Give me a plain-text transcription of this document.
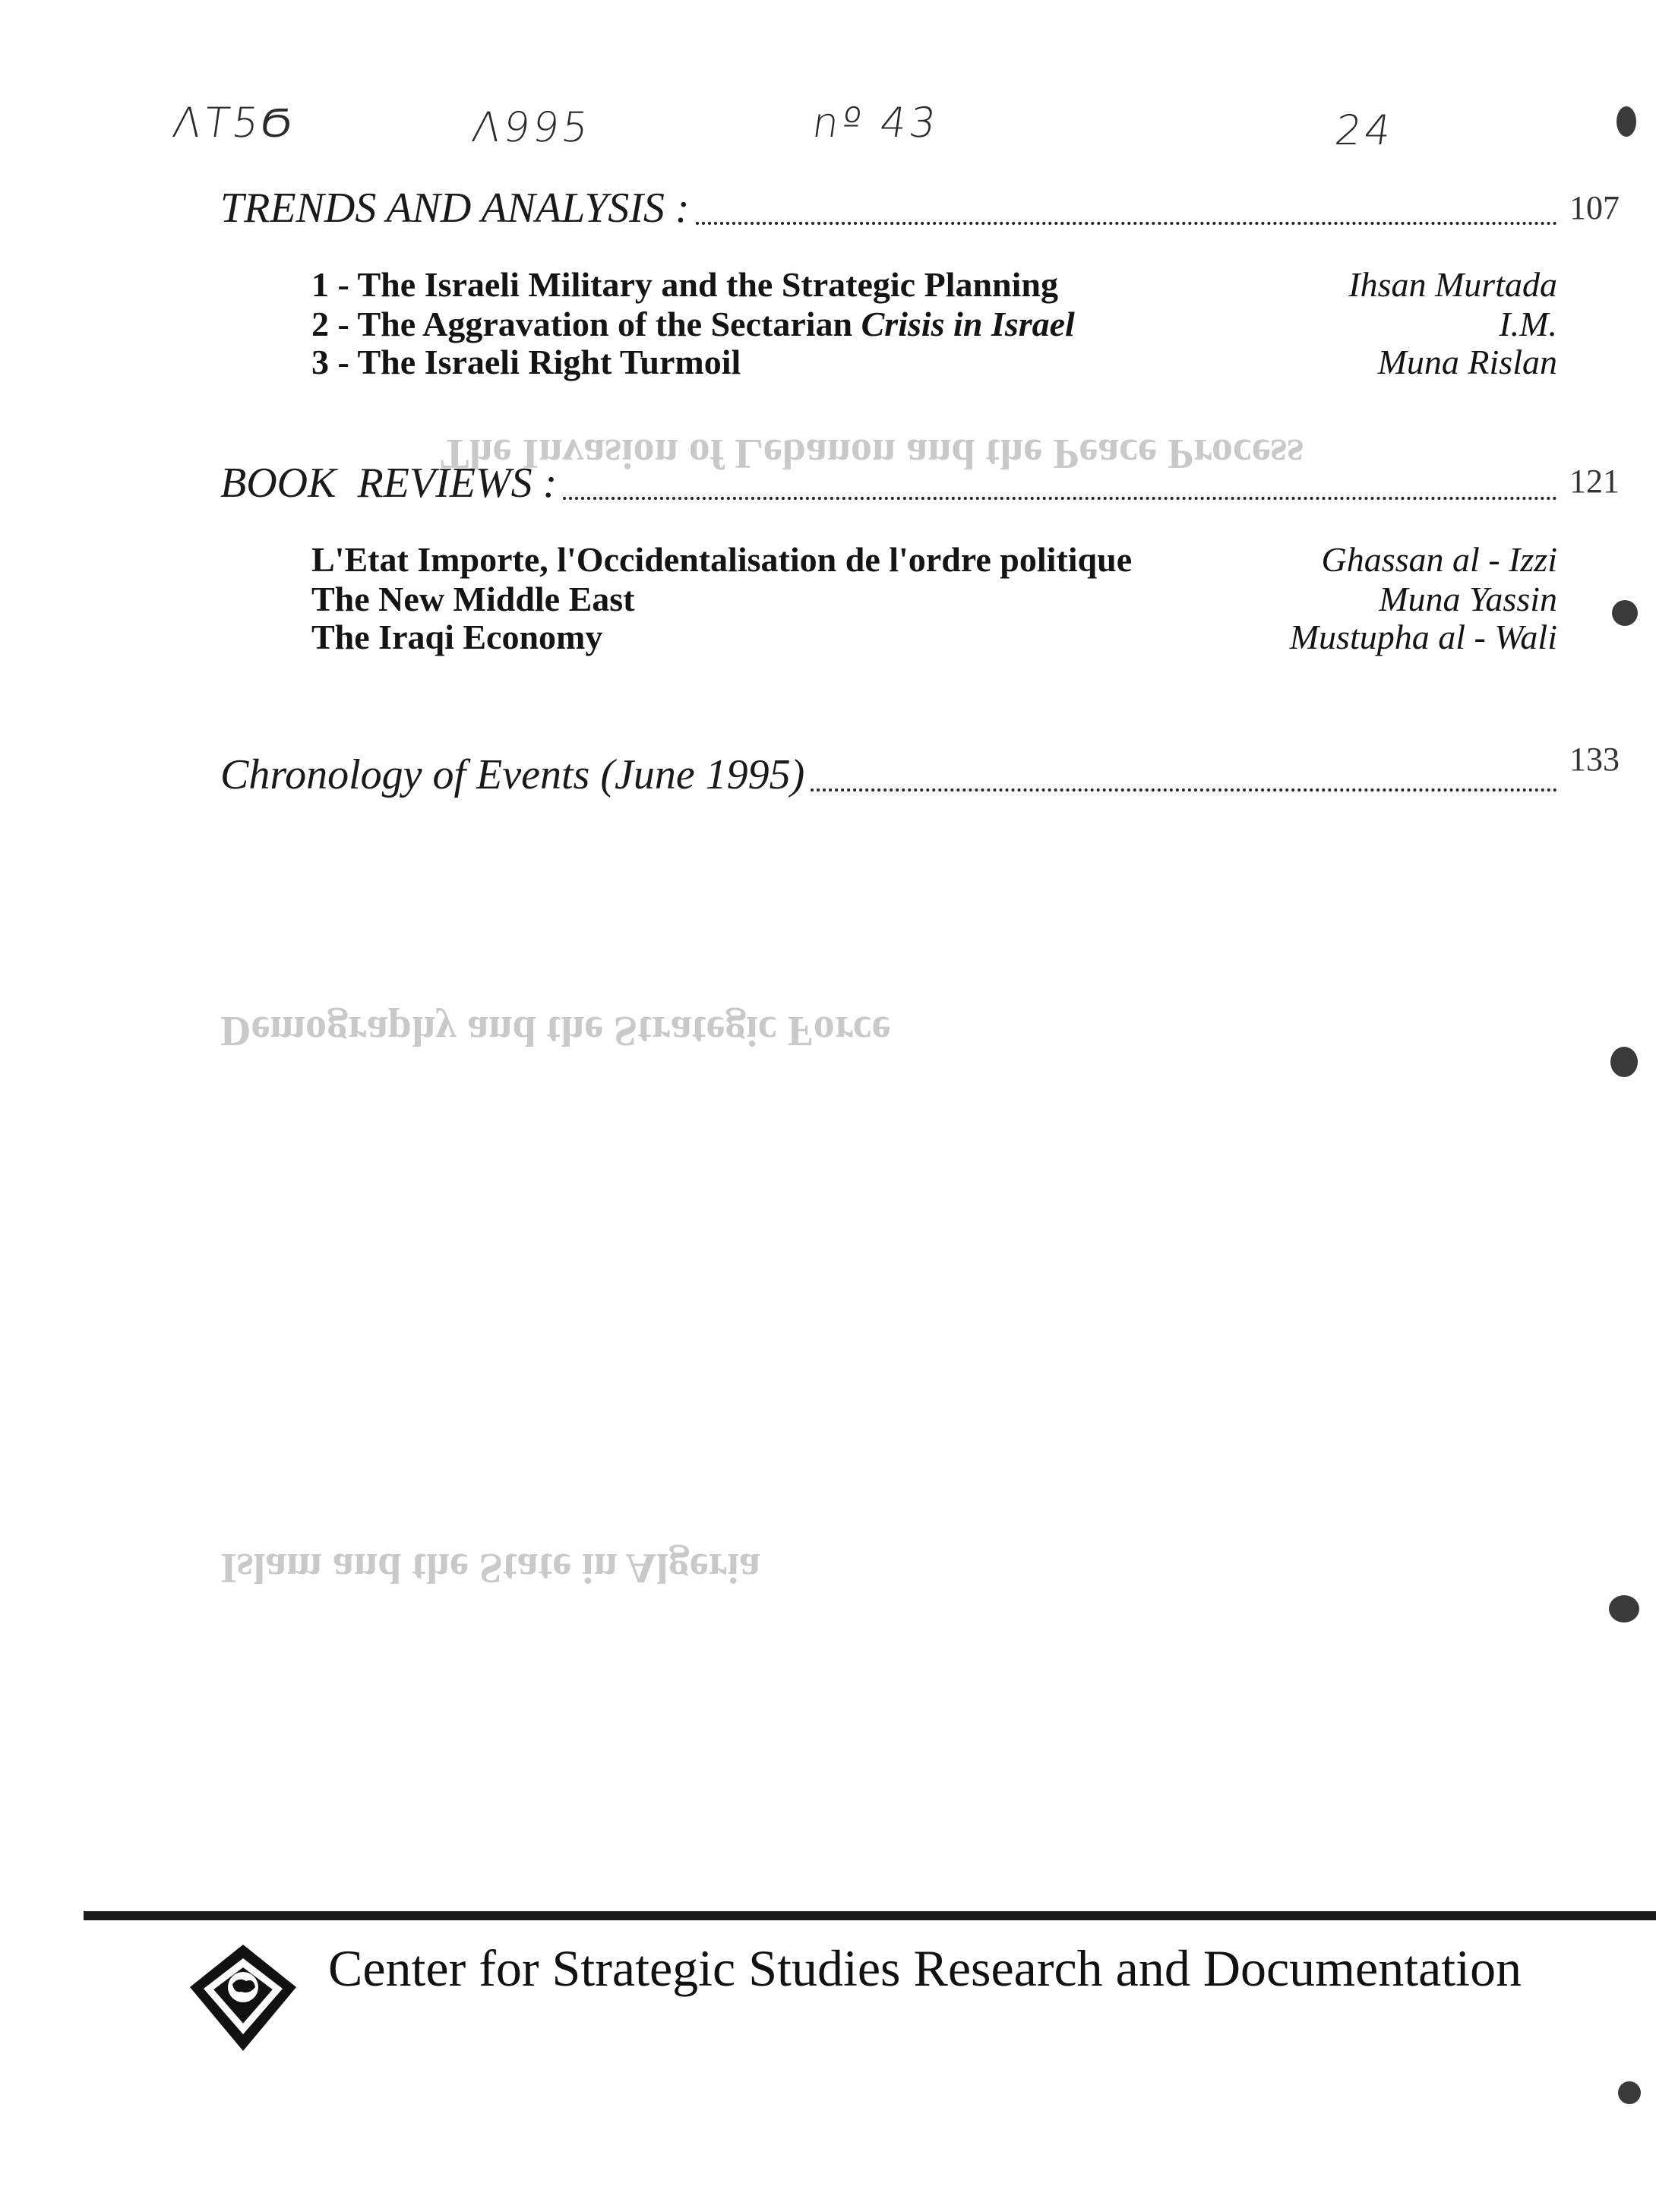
ΛΤ5Ϭ	Λ995	nº 43	24
The Invasion of Lebanon and the Peace Process
Demography and the Strategic Force
Islam and the State in Algeria
TRENDS AND ANALYSIS :	107
1 - The Israeli Military and the Strategic Planning	Ihsan Murtada
2 - The Aggravation of the Sectarian Crisis in Israel	I.M.
3 - The Israeli Right Turmoil	Muna Rislan
BOOK  REVIEWS :	121
L'Etat Importe, l'Occidentalisation de l'ordre politique	Ghassan al - Izzi
The New Middle East	Muna Yassin
The Iraqi Economy	Mustupha al - Wali
Chronology of Events (June 1995)	133
Center for Strategic Studies Research and Documentation
